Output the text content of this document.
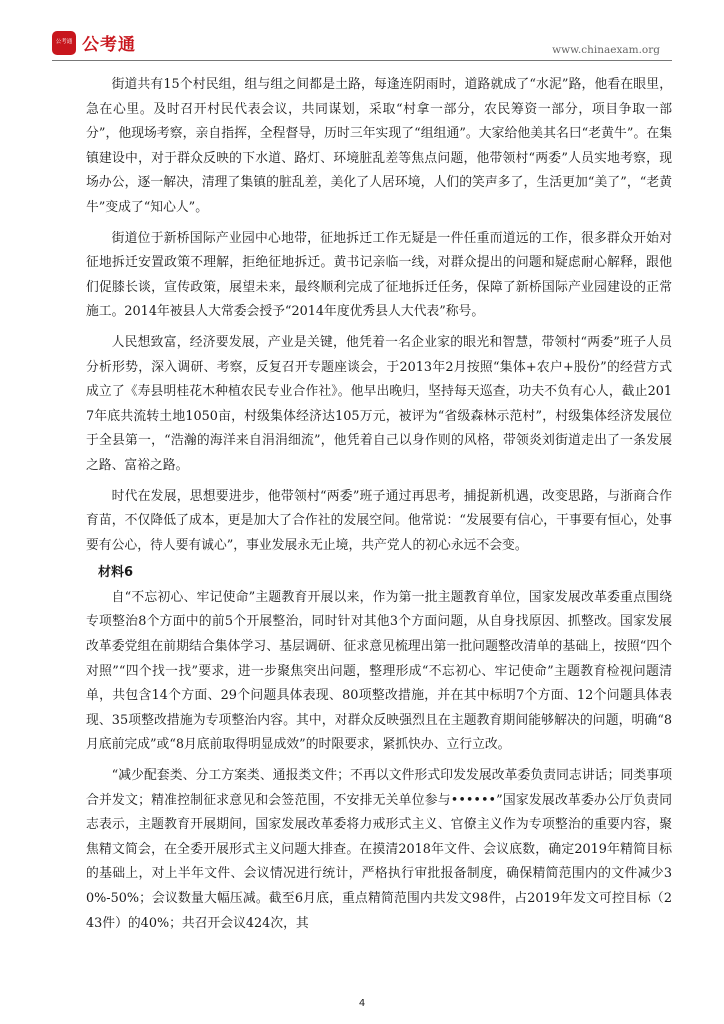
公考通 公考通	www.chinaexam.org

街道共有15个村民组，组与组之间都是土路，每逢连阴雨时，道路就成了“水泥”路，他看在眼里，急在心里。及时召开村民代表会议，共同谋划，采取“村拿一部分，农民筹资一部分，项目争取一部分”，他现场考察，亲自指挥，全程督导，历时三年实现了“组组通”。大家给他美其名曰“老黄牛”。在集镇建设中，对于群众反映的下水道、路灯、环境脏乱差等焦点问题，他带领村“两委”人员实地考察，现场办公，逐一解决，清理了集镇的脏乱差，美化了人居环境，人们的笑声多了，生活更加“美了”，“老黄牛”变成了“知心人”。

街道位于新桥国际产业园中心地带，征地拆迁工作无疑是一件任重而道远的工作，很多群众开始对征地拆迁安置政策不理解，拒绝征地拆迁。黄书记亲临一线，对群众提出的问题和疑虑耐心解释，跟他们促膝长谈，宣传政策，展望未来，最终顺利完成了征地拆迁任务，保障了新桥国际产业园建设的正常施工。2014年被县人大常委会授予“2014年度优秀县人大代表”称号。

人民想致富，经济要发展，产业是关键，他凭着一名企业家的眼光和智慧，带领村“两委”班子人员分析形势，深入调研、考察，反复召开专题座谈会，于2013年2月按照“集体+农户+股份”的经营方式成立了《寿县明桂花木种植农民专业合作社》。他早出晚归，坚持每天巡查，功夫不负有心人，截止2017年底共流转土地1050亩，村级集体经济达105万元，被评为“省级森林示范村”，村级集体经济发展位于全县第一，“浩瀚的海洋来自涓涓细流”，他凭着自己以身作则的风格，带领炎刘街道走出了一条发展之路、富裕之路。

时代在发展，思想要进步，他带领村“两委”班子通过再思考，捕捉新机遇，改变思路，与浙商合作育苗，不仅降低了成本，更是加大了合作社的发展空间。他常说：“发展要有信心，干事要有恒心，处事要有公心，待人要有诚心”，事业发展永无止境，共产党人的初心永远不会变。

材料6

自“不忘初心、牢记使命”主题教育开展以来，作为第一批主题教育单位，国家发展改革委重点围绕专项整治8个方面中的前5个开展整治，同时针对其他3个方面问题，从自身找原因、抓整改。国家发展改革委党组在前期结合集体学习、基层调研、征求意见梳理出第一批问题整改清单的基础上，按照“四个对照”“四个找一找”要求，进一步聚焦突出问题，整理形成“不忘初心、牢记使命”主题教育检视问题清单，共包含14个方面、29个问题具体表现、80项整改措施，并在其中标明7个方面、12个问题具体表现、35项整改措施为专项整治内容。其中，对群众反映强烈且在主题教育期间能够解决的问题，明确“8月底前完成”或“8月底前取得明显成效”的时限要求，紧抓快办、立行立改。

“减少配套类、分工方案类、通报类文件；不再以文件形式印发发展改革委负责同志讲话；同类事项合并发文；精准控制征求意见和会签范围，不安排无关单位参与••••••”国家发展改革委办公厅负责同志表示，主题教育开展期间，国家发展改革委将力戒形式主义、官僚主义作为专项整治的重要内容，聚焦精文简会，在全委开展形式主义问题大排查。在摸清2018年文件、会议底数，确定2019年精简目标的基础上，对上半年文件、会议情况进行统计，严格执行审批报备制度，确保精简范围内的文件减少30%-50%；会议数量大幅压减。截至6月底，重点精简范围内共发文98件，占2019年发文可控目标（243件）的40%；共召开会议424次，其

4
